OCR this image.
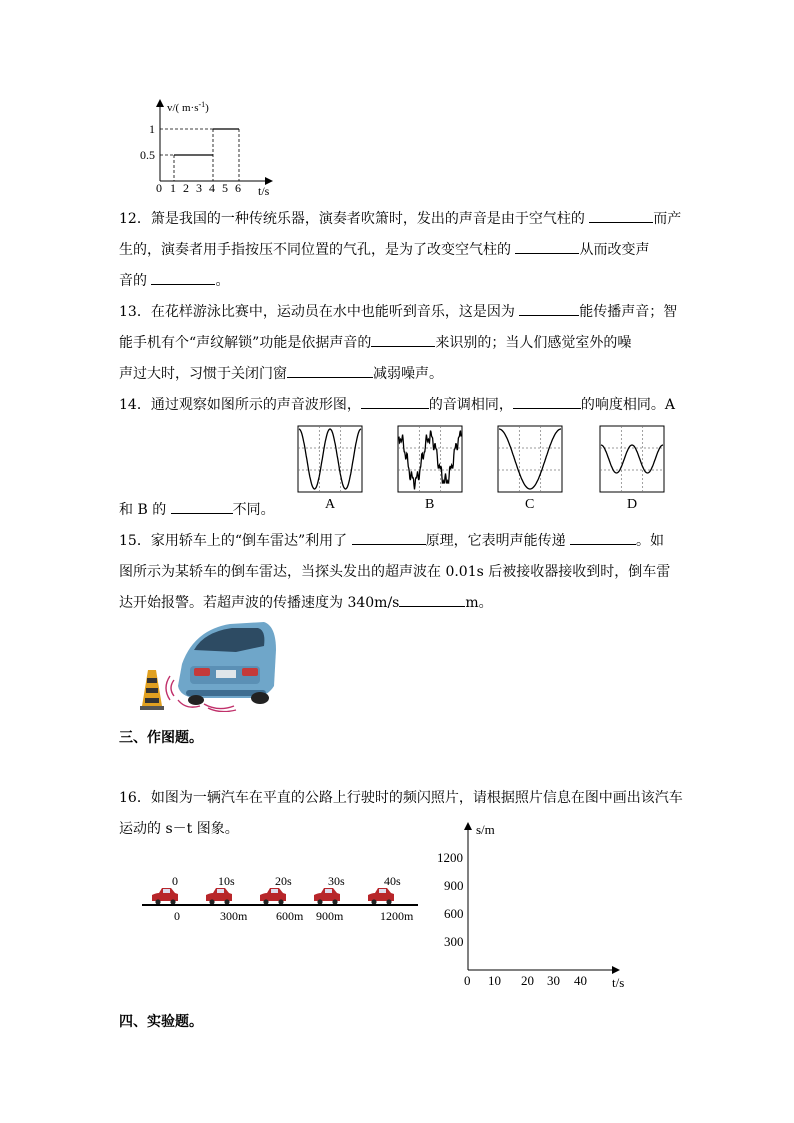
v/( $m\cdot s^{-1}$)
t/s
1
0.5
0 1 2 3 4 5 6
12．箫是我国的一种传统乐器，演奏者吹箫时，发出的声音是由于空气柱的	而产
生的，演奏者用手指按压不同位置的气孔，是为了改变空气柱的	从而改变声
音的	。
13．在花样游泳比赛中，运动员在水中也能听到音乐，这是因为	能传播声音；智
能手机有个“声纹解锁”功能是依据声音的	来识别的；当人们感觉室外的噪
声过大时，习惯于关闭门窗	减弱噪声。
14．通过观察如图所示的声音波形图，	的音调相同，	的响度相同。A
A	B	C	D
和 B 的	不同。
15．家用轿车上的“倒车雷达”利用了	原理，它表明声能传递	。如
图所示为某轿车的倒车雷达，当探头发出的超声波在 0.01s 后被接收器接收到时，倒车雷
达开始报警。若超声波的传播速度为 340m/s	m。
三、作图题。
16．如图为一辆汽车在平直的公路上行驶时的频闪照片，请根据照片信息在图中画出该汽车
运动的 s－t 图象。
0
0
10s
300m
20s
600m
30s
900m
40s
1200m
s/m
t/s
1200
900
600
300
0 10 20 30 40
四、实验题。
